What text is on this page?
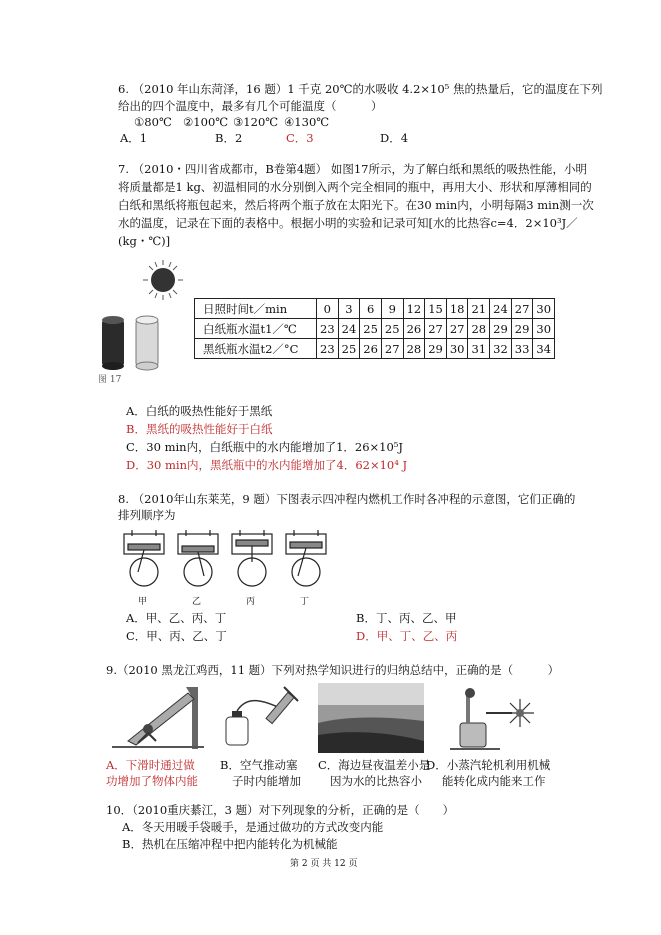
6. （2010 年山东菏泽，16 题）1 千克 20℃的水吸收 4.2×10⁵ 焦的热量后，它的温度在下列
给出的四个温度中，最多有几个可能温度（　　　）
①80℃ ②100℃ ③120℃ ④130℃
A．1	B．2	C．3	D．4
7. （2010・四川省成都市，B卷第4题） 如图17所示，为了解白纸和黑纸的吸热性能，小明
将质量都是1 kg、初温相同的水分别倒入两个完全相同的瓶中，再用大小、形状和厚薄相同的
白纸和黑纸将瓶包起来，然后将两个瓶子放在太阳光下。在30 min内，小明每隔3 min测一次
水的温度，记录在下面的表格中。根据小明的实验和记录可知[水的比热容c=4．2×10³J／
(kg・℃)]
图 17
日照时间t／min	0	3	6	9	12	15	18	21	24	27	30
白纸瓶水温t1／℃	23	24	25	25	26	27	27	28	29	29	30
黑纸瓶水温t2／°C	23	25	26	27	28	29	30	31	32	33	34
A．白纸的吸热性能好于黑纸
B．黑纸的吸热性能好于白纸
C．30 min内，白纸瓶中的水内能增加了1．26×10⁵J
D．30 min内，黑纸瓶中的水内能增加了4．62×10⁴ J
8. （2010年山东莱芜，9 题）下图表示四冲程内燃机工作时各冲程的示意图，它们正确的
排列顺序为
甲	乙	丙	丁
A．甲、乙、丙、丁	B．丁、丙、乙、甲
C．甲、丙、乙、丁	D．甲、丁、乙、丙
9.（2010 黑龙江鸡西，11 题）下列对热学知识进行的归纳总结中，正确的是（　　　）
A．下滑时通过做
功增加了物体内能
B．空气推动塞
子时内能增加
C．海边昼夜温差小是
因为水的比热容小
D．小蒸汽轮机利用机械
能转化成内能来工作
10．（2010重庆綦江，3 题）对下列现象的分析，正确的是（　　）
A．冬天用暖手袋暖手，是通过做功的方式改变内能
B．热机在压缩冲程中把内能转化为机械能
第 2 页 共 12 页
